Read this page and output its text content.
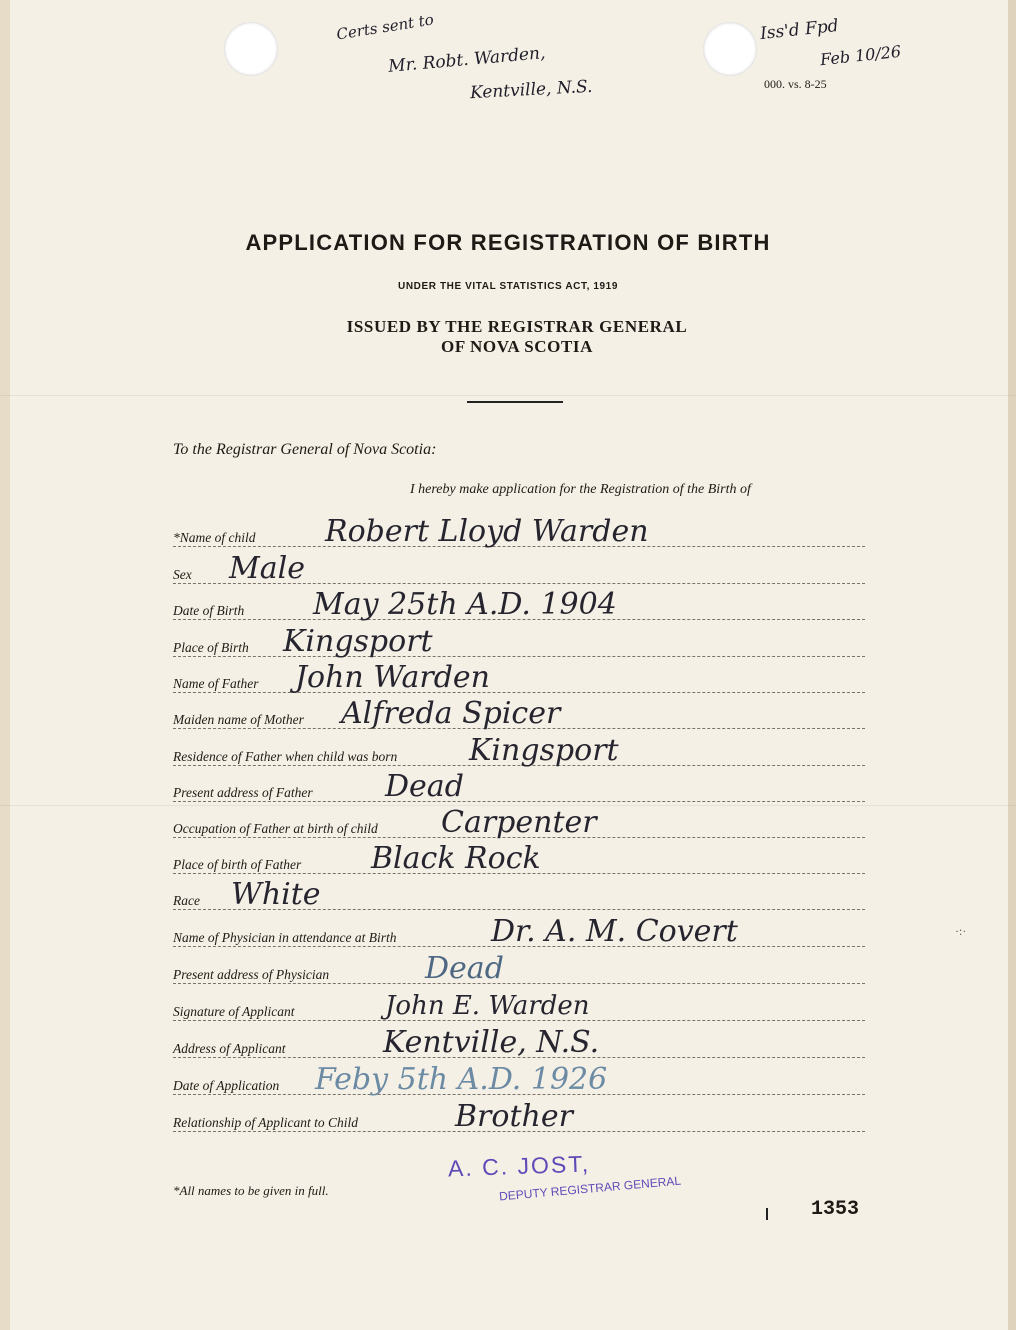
Certs sent to
Mr. Robt. Warden,
Kentville, N.S.
Iss'd Fpd
Feb 10/26
000. vs. 8-25
APPLICATION FOR REGISTRATION OF BIRTH
UNDER THE VITAL STATISTICS ACT, 1919
ISSUED BY THE REGISTRAR GENERAL
OF NOVA SCOTIA
To the Registrar General of Nova Scotia:
I hereby make application for the Registration of the Birth of
*Name of child Robert Lloyd Warden
Sex Male
Date of Birth May 25th A.D. 1904
Place of Birth Kingsport
Name of Father John Warden
Maiden name of Mother Alfreda Spicer
Residence of Father when child was born Kingsport
Present address of Father Dead
Occupation of Father at birth of child Carpenter
Place of birth of Father Black Rock
Race White
Name of Physician in attendance at Birth	Dr. A. M. Covert
Present address of Physician	Dead
Signature of Applicant	John E. Warden
Address of Applicant	Kentville, N.S.
Date of Application Feby 5th A.D. 1926
Relationship of Applicant to Child	Brother
*All names to be given in full.
A. C. JOST,
DEPUTY REGISTRAR GENERAL
1353
·:·
